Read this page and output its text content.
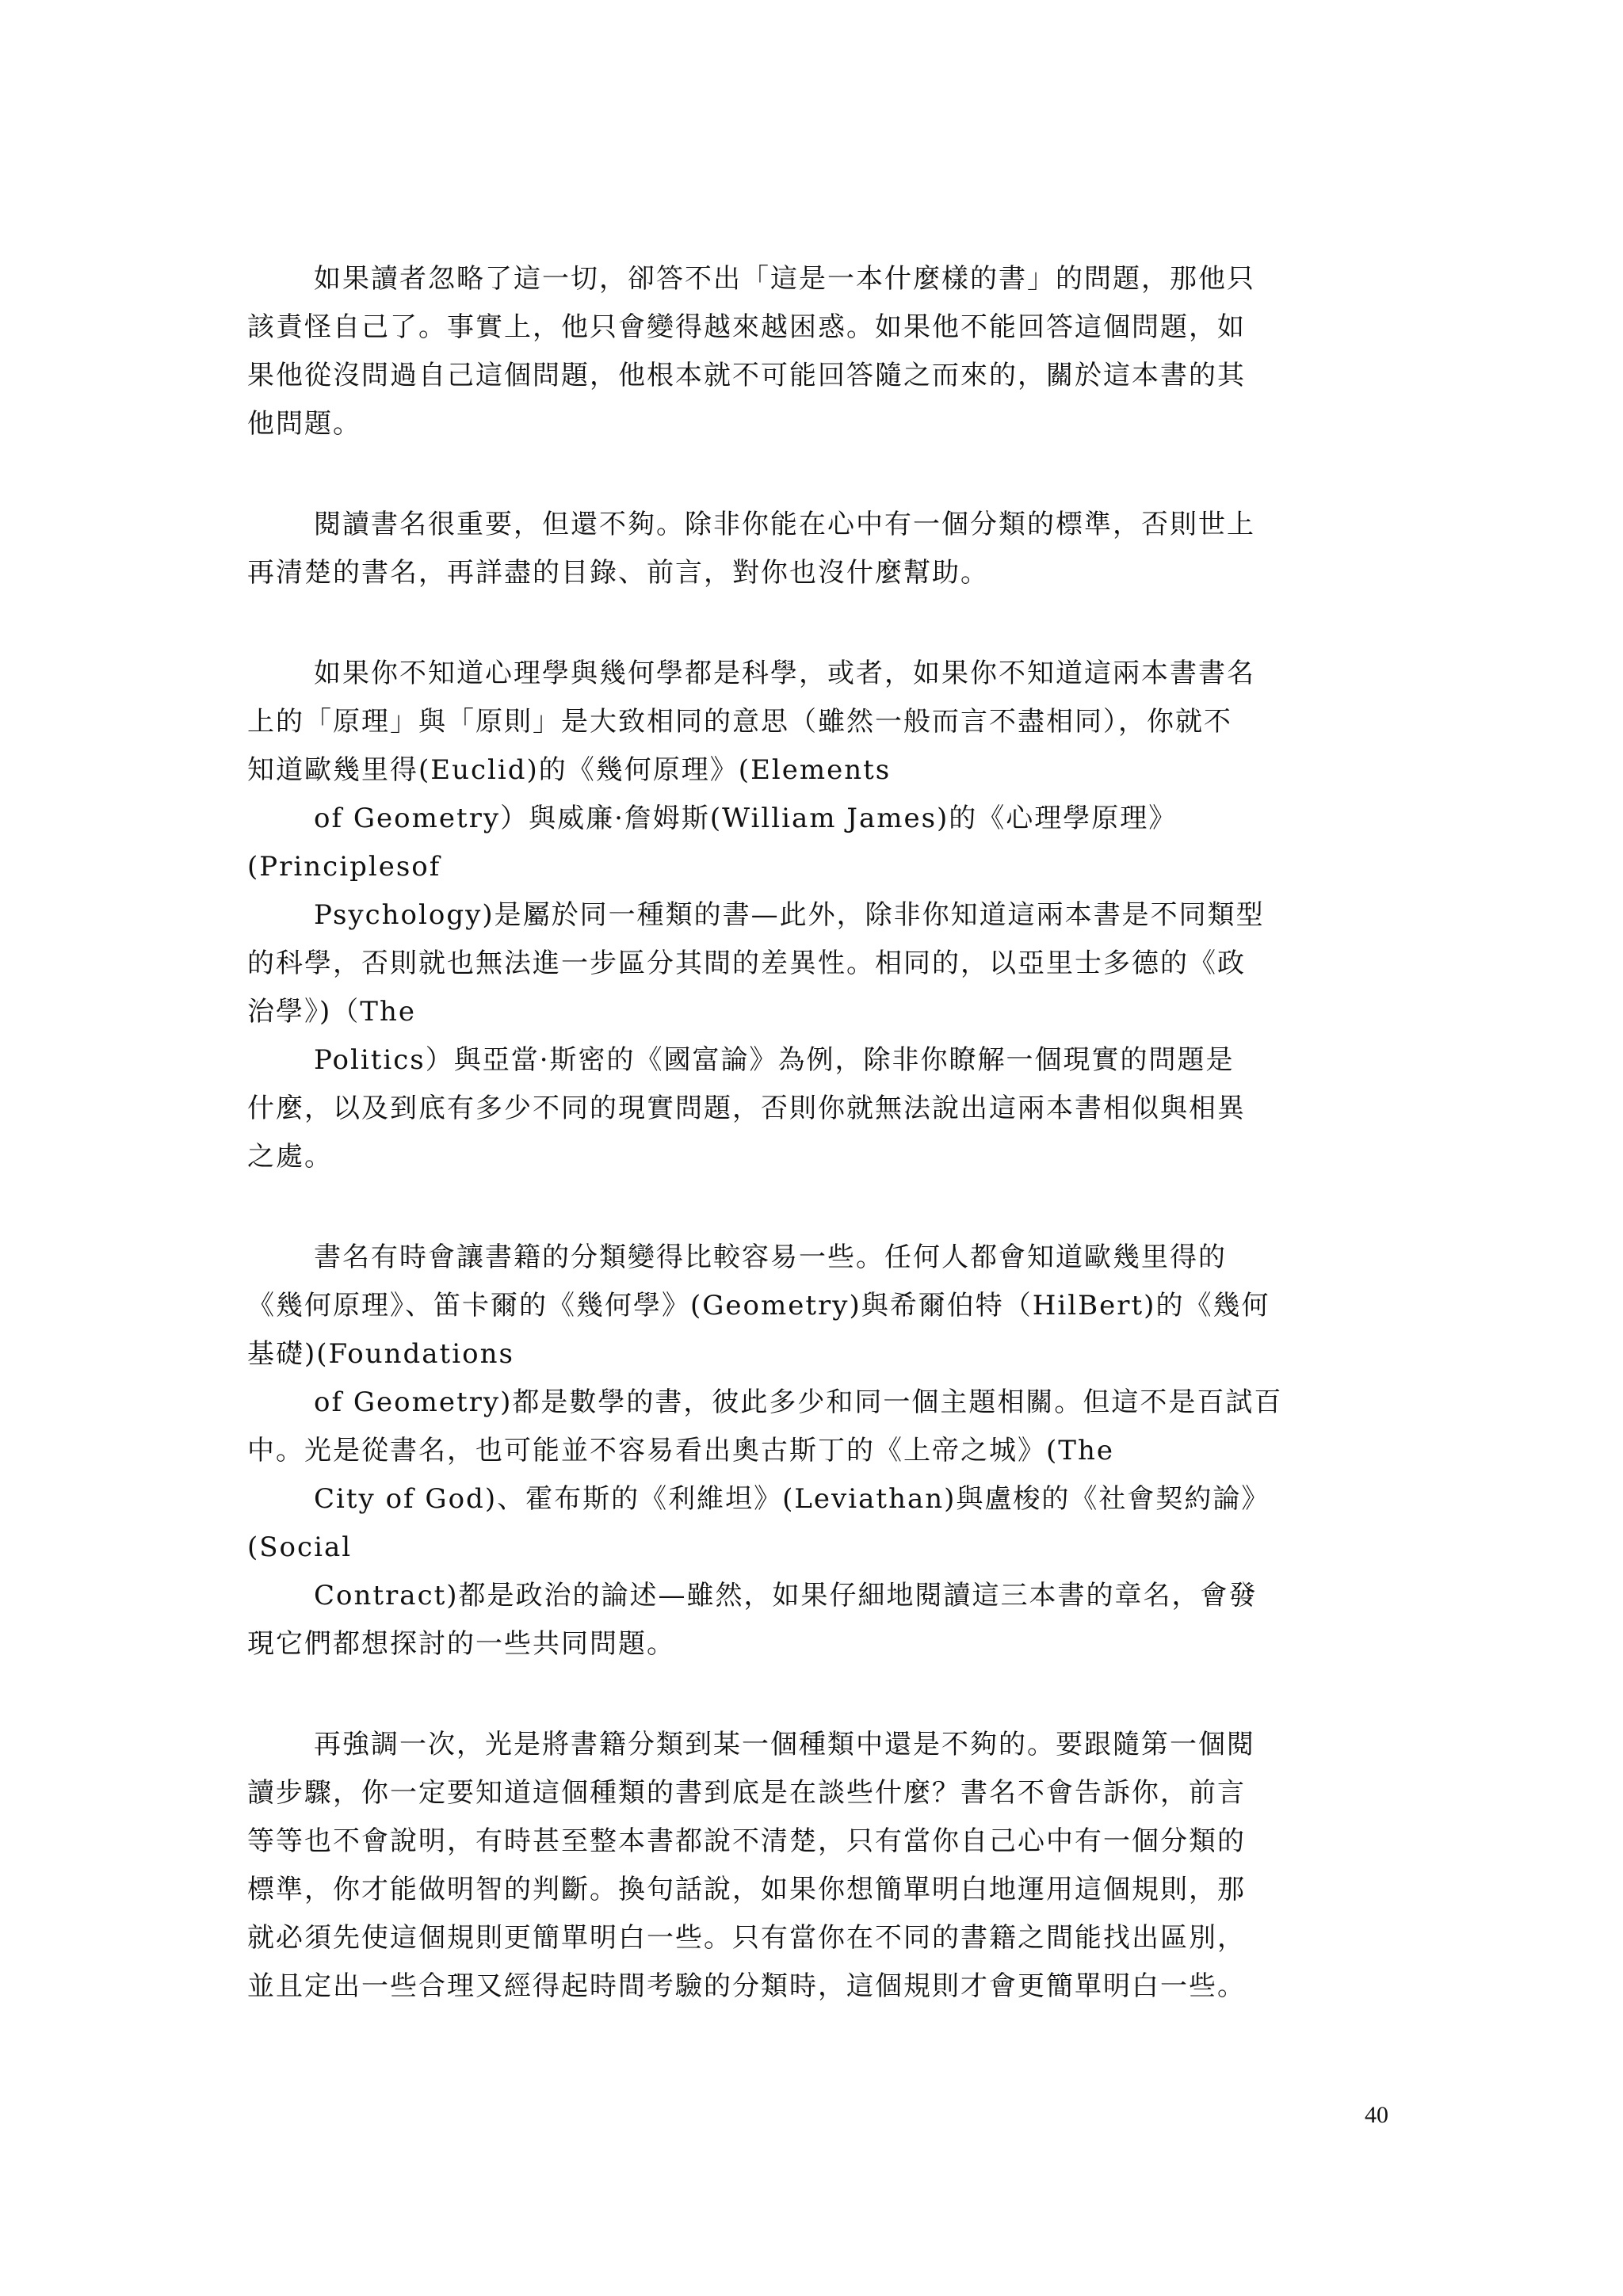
如果讀者忽略了這一切，卻答不出「這是一本什麼樣的書」的問題，那他只
該責怪自己了。事實上，他只會變得越來越困惑。如果他不能回答這個問題，如
果他從沒問過自己這個問題，他根本就不可能回答隨之而來的，關於這本書的其
他問題。
閱讀書名很重要，但還不夠。除非你能在心中有一個分類的標準，否則世上
再清楚的書名，再詳盡的目錄、前言，對你也沒什麼幫助。
如果你不知道心理學與幾何學都是科學，或者，如果你不知道這兩本書書名
上的「原理」與「原則」是大致相同的意思（雖然一般而言不盡相同），你就不
知道歐幾里得(Euclid)的《幾何原理》(Elements
of Geometry）與威廉·詹姆斯(William James)的《心理學原理》
(Principlesof
Psychology)是屬於同一種類的書—此外，除非你知道這兩本書是不同類型
的科學，否則就也無法進一步區分其間的差異性。相同的，以亞里士多德的《政
治學》)（The
Politics）與亞當·斯密的《國富論》為例，除非你瞭解一個現實的問題是
什麼，以及到底有多少不同的現實問題，否則你就無法說出這兩本書相似與相異
之處。
書名有時會讓書籍的分類變得比較容易一些。任何人都會知道歐幾里得的
《幾何原理》、笛卡爾的《幾何學》(Geometry)與希爾伯特（HilBert)的《幾何
基礎)(Foundations
of Geometry)都是數學的書，彼此多少和同一個主題相關。但這不是百試百
中。光是從書名，也可能並不容易看出奧古斯丁的《上帝之城》(The
City of God)、霍布斯的《利維坦》(Leviathan)與盧梭的《社會契約論》
(Social
Contract)都是政治的論述—雖然，如果仔細地閱讀這三本書的章名，會發
現它們都想探討的一些共同問題。
再強調一次，光是將書籍分類到某一個種類中還是不夠的。要跟隨第一個閱
讀步驟，你一定要知道這個種類的書到底是在談些什麼？書名不會告訴你，前言
等等也不會說明，有時甚至整本書都說不清楚，只有當你自己心中有一個分類的
標準，你才能做明智的判斷。換句話說，如果你想簡單明白地運用這個規則，那
就必須先使這個規則更簡單明白一些。只有當你在不同的書籍之間能找出區別，
並且定出一些合理又經得起時間考驗的分類時，這個規則才會更簡單明白一些。
40
